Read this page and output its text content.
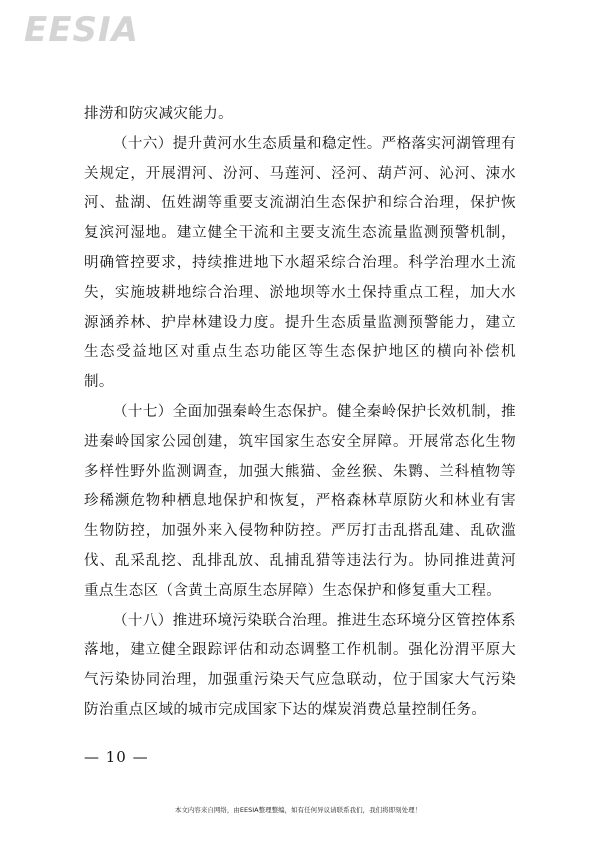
EESIA

排涝和防灾减灾能力。

（十六）提升黄河水生态质量和稳定性。严格落实河湖管理有关规定，开展渭河、汾河、马莲河、泾河、葫芦河、沁河、涑水河、盐湖、伍姓湖等重要支流湖泊生态保护和综合治理，保护恢复滨河湿地。建立健全干流和主要支流生态流量监测预警机制，明确管控要求，持续推进地下水超采综合治理。科学治理水土流失，实施坡耕地综合治理、淤地坝等水土保持重点工程，加大水源涵养林、护岸林建设力度。提升生态质量监测预警能力，建立生态受益地区对重点生态功能区等生态保护地区的横向补偿机制。

（十七）全面加强秦岭生态保护。健全秦岭保护长效机制，推进秦岭国家公园创建，筑牢国家生态安全屏障。开展常态化生物多样性野外监测调查，加强大熊猫、金丝猴、朱鹮、兰科植物等珍稀濒危物种栖息地保护和恢复，严格森林草原防火和林业有害生物防控，加强外来入侵物种防控。严厉打击乱搭乱建、乱砍滥伐、乱采乱挖、乱排乱放、乱捕乱猎等违法行为。协同推进黄河重点生态区（含黄土高原生态屏障）生态保护和修复重大工程。

（十八）推进环境污染联合治理。推进生态环境分区管控体系落地，建立健全跟踪评估和动态调整工作机制。强化汾渭平原大气污染协同治理，加强重污染天气应急联动，位于国家大气污染防治重点区域的城市完成国家下达的煤炭消费总量控制任务。

— 10 —
本文内容来自网络，由EESIA整理整编，如有任何异议请联系我们，我们将即刻处理！
